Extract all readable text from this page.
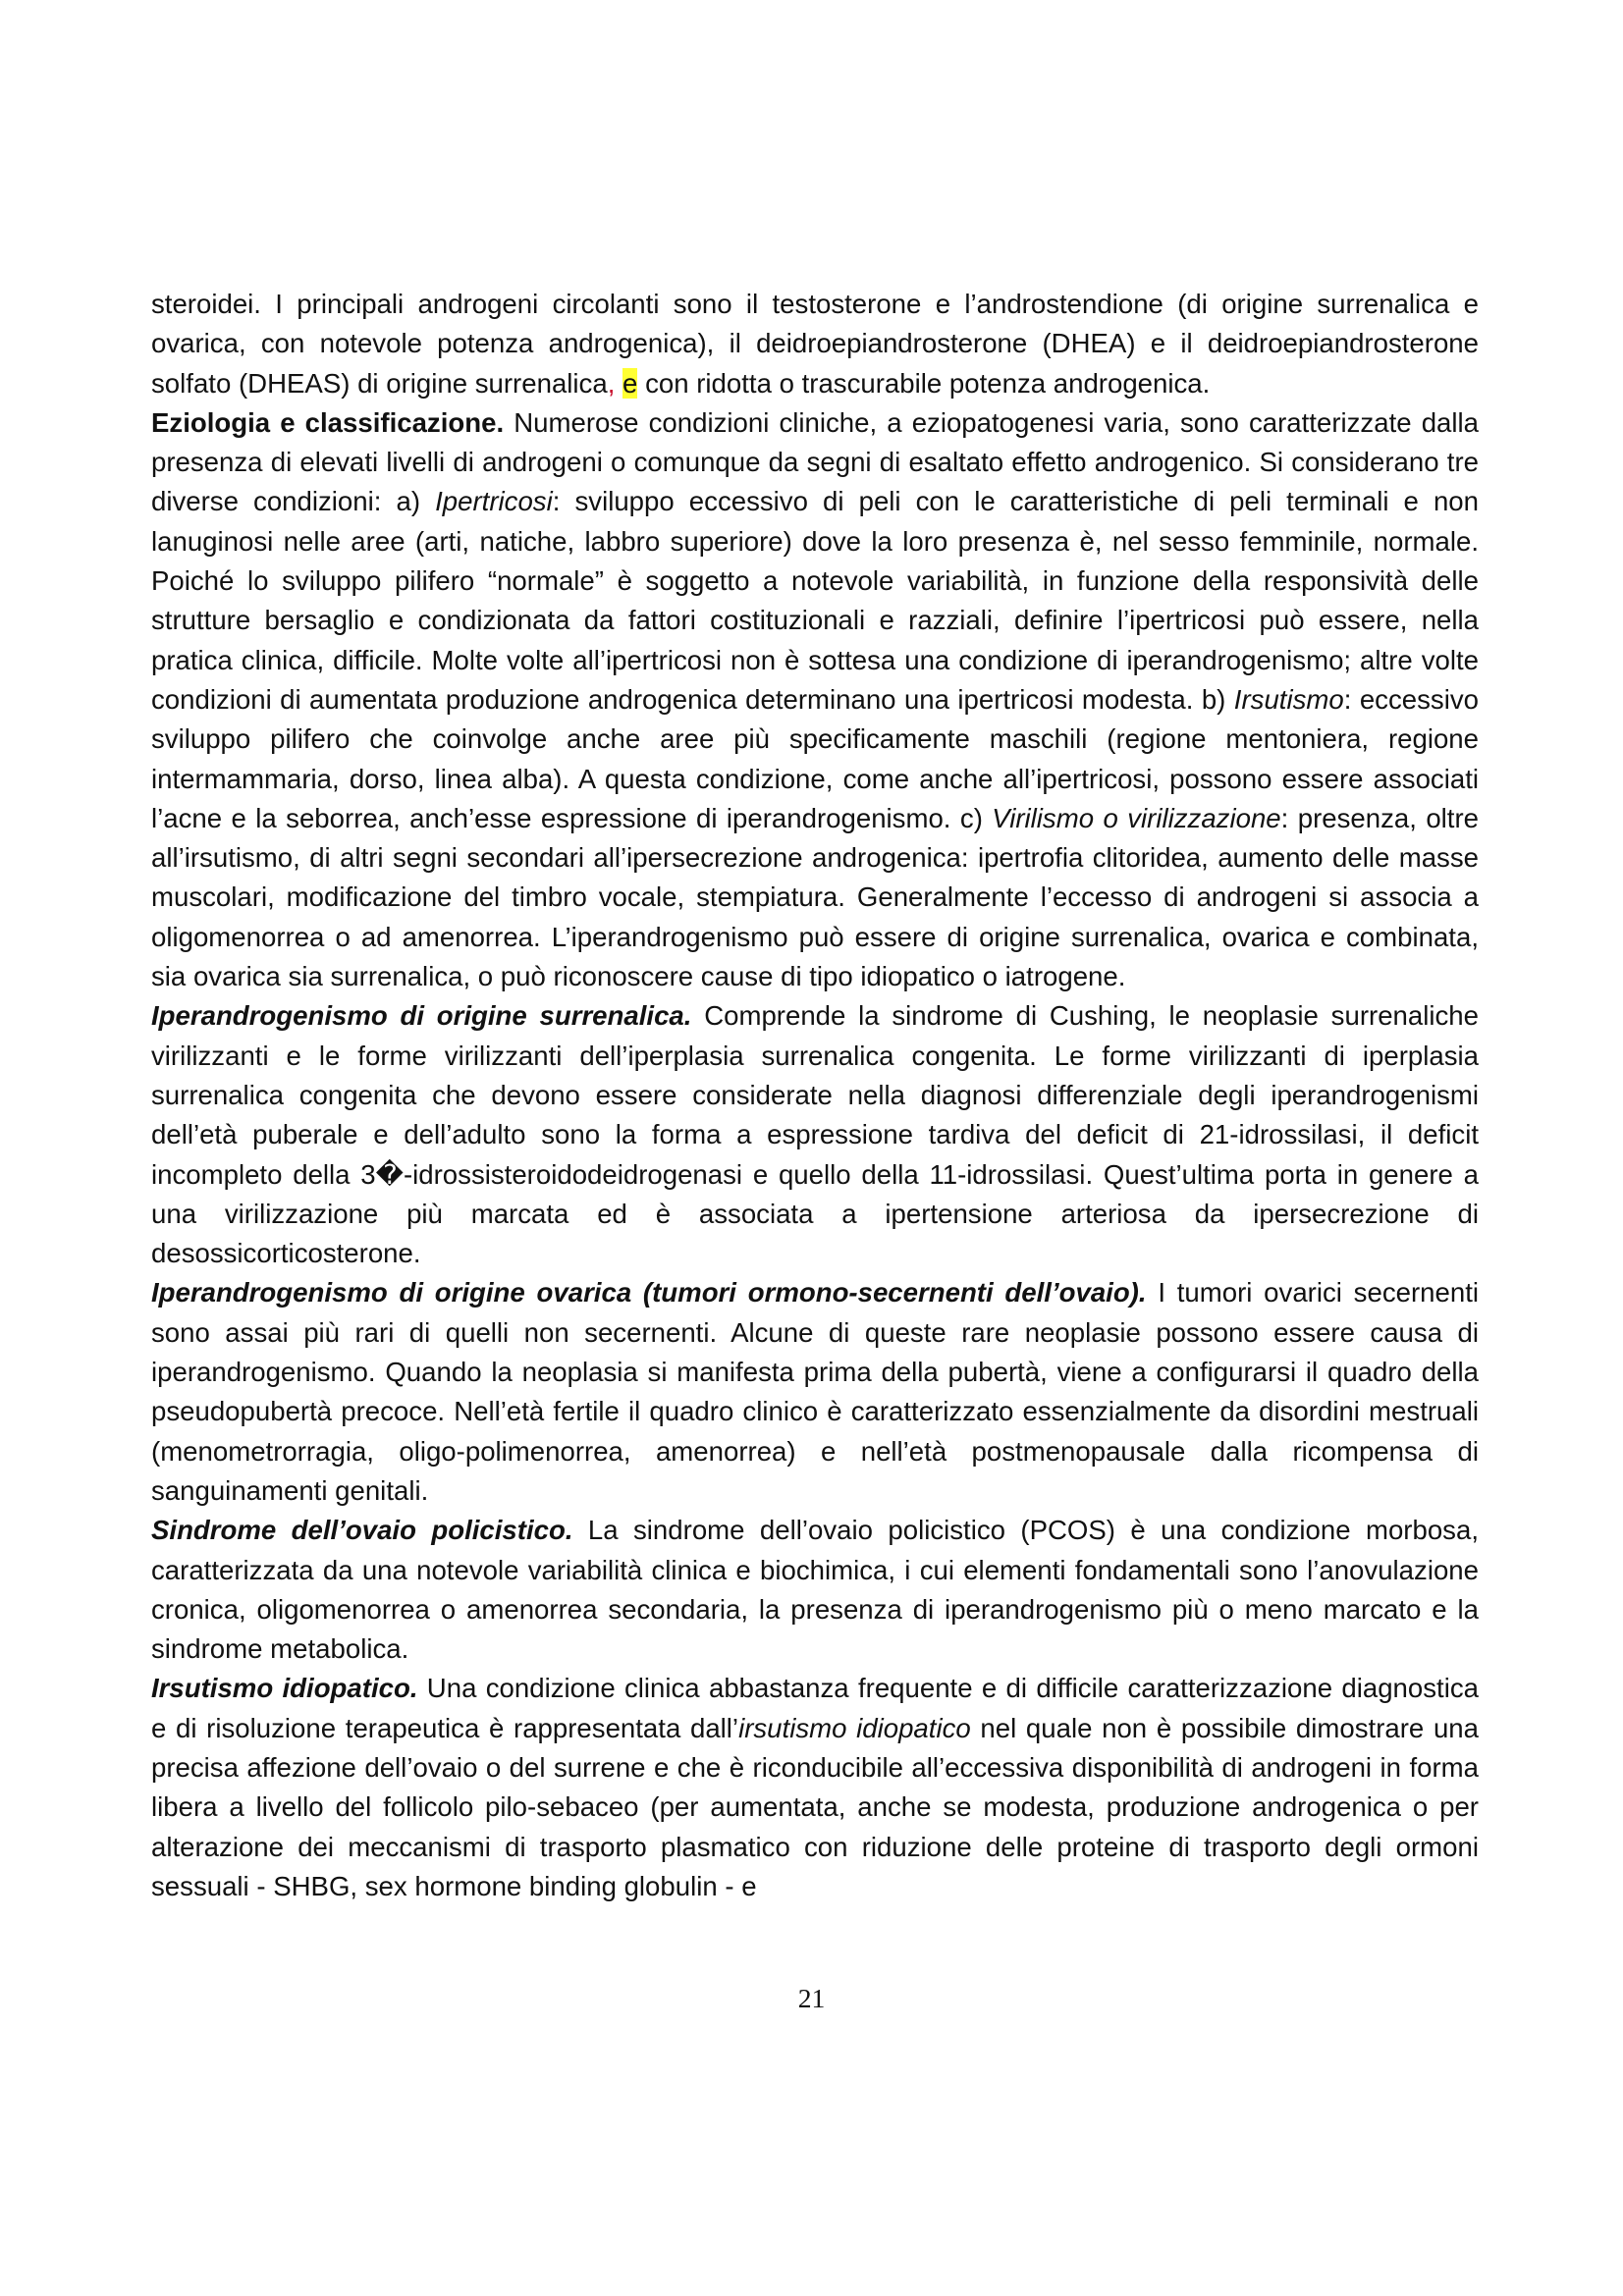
steroidei. I principali androgeni circolanti sono il testosterone e l’androstendione (di origine surrenalica e ovarica, con notevole potenza androgenica), il deidroepiandrosterone (DHEA) e il deidroepiandrosterone solfato (DHEAS) di origine surrenalica, e con ridotta o trascurabile potenza androgenica.

Eziologia e classificazione. Numerose condizioni cliniche, a eziopatogenesi varia, sono caratterizzate dalla presenza di elevati livelli di androgeni o comunque da segni di esaltato effetto androgenico. Si considerano tre diverse condizioni: a) Ipertricosi: sviluppo eccessivo di peli con le caratteristiche di peli terminali e non lanuginosi nelle aree (arti, natiche, labbro superiore) dove la loro presenza è, nel sesso femminile, normale. Poiché lo sviluppo pilifero “normale” è soggetto a notevole variabilità, in funzione della responsività delle strutture bersaglio e condizionata da fattori costituzionali e razziali, definire l’ipertricosi può essere, nella pratica clinica, difficile. Molte volte all’ipertricosi non è sottesa una condizione di iperandrogenismo; altre volte condizioni di aumentata produzione androgenica determinano una ipertricosi modesta. b) Irsutismo: eccessivo sviluppo pilifero che coinvolge anche aree più specificamente maschili (regione mentoniera, regione intermammaria, dorso, linea alba). A questa condizione, come anche all’ipertricosi, possono essere associati l’acne e la seborrea, anch’esse espressione di iperandrogenismo. c) Virilismo o virilizzazione: presenza, oltre all’irsutismo, di altri segni secondari all’ipersecrezione androgenica: ipertrofia clitoridea, aumento delle masse muscolari, modificazione del timbro vocale, stempiatura. Generalmente l’eccesso di androgeni si associa a oligomenorrea o ad amenorrea. L’iperandrogenismo può essere di origine surrenalica, ovarica e combinata, sia ovarica sia surrenalica, o può riconoscere cause di tipo idiopatico o iatrogene.

Iperandrogenismo di origine surrenalica. Comprende la sindrome di Cushing, le neoplasie surrenaliche virilizzanti e le forme virilizzanti dell’iperplasia surrenalica congenita. Le forme virilizzanti di iperplasia surrenalica congenita che devono essere considerate nella diagnosi differenziale degli iperandrogenismi dell’età puberale e dell’adulto sono la forma a espressione tardiva del deficit di 21-idrossilasi, il deficit incompleto della 3�-idrossisteroidodeidrogenasi e quello della 11-idrossilasi. Quest’ultima porta in genere a una virilizzazione più marcata ed è associata a ipertensione arteriosa da ipersecrezione di desossicorticosterone.

Iperandrogenismo di origine ovarica (tumori ormono-secernenti dell’ovaio). I tumori ovarici secernenti sono assai più rari di quelli non secernenti. Alcune di queste rare neoplasie possono essere causa di iperandrogenismo. Quando la neoplasia si manifesta prima della pubertà, viene a configurarsi il quadro della pseudopubertà precoce. Nell’età fertile il quadro clinico è caratterizzato essenzialmente da disordini mestruali (menometrorragia, oligo-polimenorrea, amenorrea) e nell’età postmenopausale dalla ricompensa di sanguinamenti genitali.

Sindrome dell’ovaio policistico. La sindrome dell’ovaio policistico (PCOS) è una condizione morbosa, caratterizzata da una notevole variabilità clinica e biochimica, i cui elementi fondamentali sono l’anovulazione cronica, oligomenorrea o amenorrea secondaria, la presenza di iperandrogenismo più o meno marcato e la sindrome metabolica.

Irsutismo idiopatico. Una condizione clinica abbastanza frequente e di difficile caratterizzazione diagnostica e di risoluzione terapeutica è rappresentata dall’irsutismo idiopatico nel quale non è possibile dimostrare una precisa affezione dell’ovaio o del surrene e che è riconducibile all’eccessiva disponibilità di androgeni in forma libera a livello del follicolo pilo-sebaceo (per aumentata, anche se modesta, produzione androgenica o per alterazione dei meccanismi di trasporto plasmatico con riduzione delle proteine di trasporto degli ormoni sessuali - SHBG, sex hormone binding globulin - e

21
